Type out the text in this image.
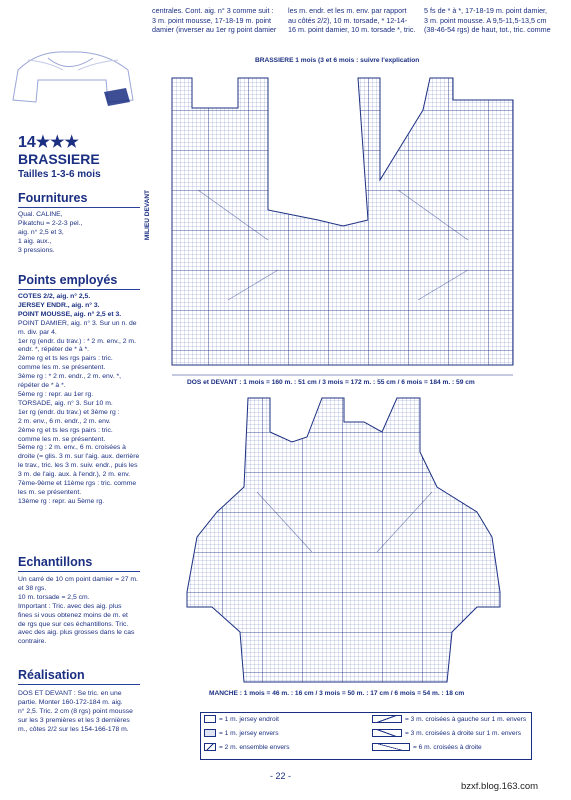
centrales. Cont. aig. n° 3 comme suit :
3 m. point mousse, 17-18-19 m. point
damier (inverser au 1er rg point damier
les m. endr. et les m. env. par rapport
au côtés 2/2), 10 m. torsade, * 12-14-
16 m. point damier, 10 m. torsade *, tric.
5 fs de * à *, 17-18-19 m. point damier,
3 m. point mousse. A 9,5-11,5-13,5 cm
(38-46-54 rgs) de haut, tot., tric. comme
14★★★
BRASSIERE
Tailles 1-3-6 mois
Fournitures
Qual. CALINE,
Pikatchu = 2-2-3 pel.,
aig. n° 2,5 et 3,
1 aig. aux.,
3 pressions.
Points employés
COTES 2/2, aig. n° 2,5.
JERSEY ENDR., aig. n° 3.
POINT MOUSSE, aig. n° 2,5 et 3.
POINT DAMIER, aig. n° 3. Sur un n. de
m. div. par 4.
1er rg (endr. du trav.) : * 2 m. env., 2 m.
endr. *, répéter de * à *.
2ème rg et ts les rgs pairs : tric.
comme les m. se présentent.
3ème rg : * 2 m. endr., 2 m. env. *,
répéter de * à *.
5ème rg : repr. au 1er rg.
TORSADE, aig. n° 3. Sur 10 m.
1er rg (endr. du trav.) et 3ème rg :
2 m. env., 6 m. endr., 2 m. env.
2ème rg et ts les rgs pairs : tric.
comme les m. se présentent.
5ème rg : 2 m. env., 6 m. croisées à
droite (= glis. 3 m. sur l'aig. aux. derrière
le trav., tric. les 3 m. suiv. endr., puis les
3 m. de l'aig. aux. à l'endr.), 2 m. env.
7ème-9ème et 11ème rgs : tric. comme
les m. se présentent.
13ème rg : repr. au 5ème rg.
Echantillons
Un carré de 10 cm point damier = 27 m.
et 38 rgs.
10 m. torsade = 2,5 cm.
Important : Tric. avec des aig. plus
fines si vous obtenez moins de m. et
de rgs que sur ces échantillons. Tric.
avec des aig. plus grosses dans le cas
contraire.
Réalisation
DOS ET DEVANT : Se tric. en une
partie. Monter 160-172-184 m. aig.
n° 2,5. Tric. 2 cm (8 rgs) point mousse
sur les 3 premières et les 3 dernières
m., côtes 2/2 sur les 154-166-178 m.
BRASSIERE 1 mois (3 et 6 mois : suivre l'explication
MILIEU DEVANT
DOS et DEVANT : 1 mois = 160 m. : 51 cm / 3 mois = 172 m. : 55 cm / 6 mois = 184 m. : 59 cm
MANCHE : 1 mois = 46 m. : 16 cm / 3 mois = 50 m. : 17 cm / 6 mois = 54 m. : 18 cm
= 1 m. jersey endroit
= 1 m. jersey envers
= 2 m. ensemble envers
= 3 m. croisées à gauche sur 1 m. envers
= 3 m. croisées à droite sur 1 m. envers
= 6 m. croisées à droite
- 22 -
bzxf.blog.163.com
